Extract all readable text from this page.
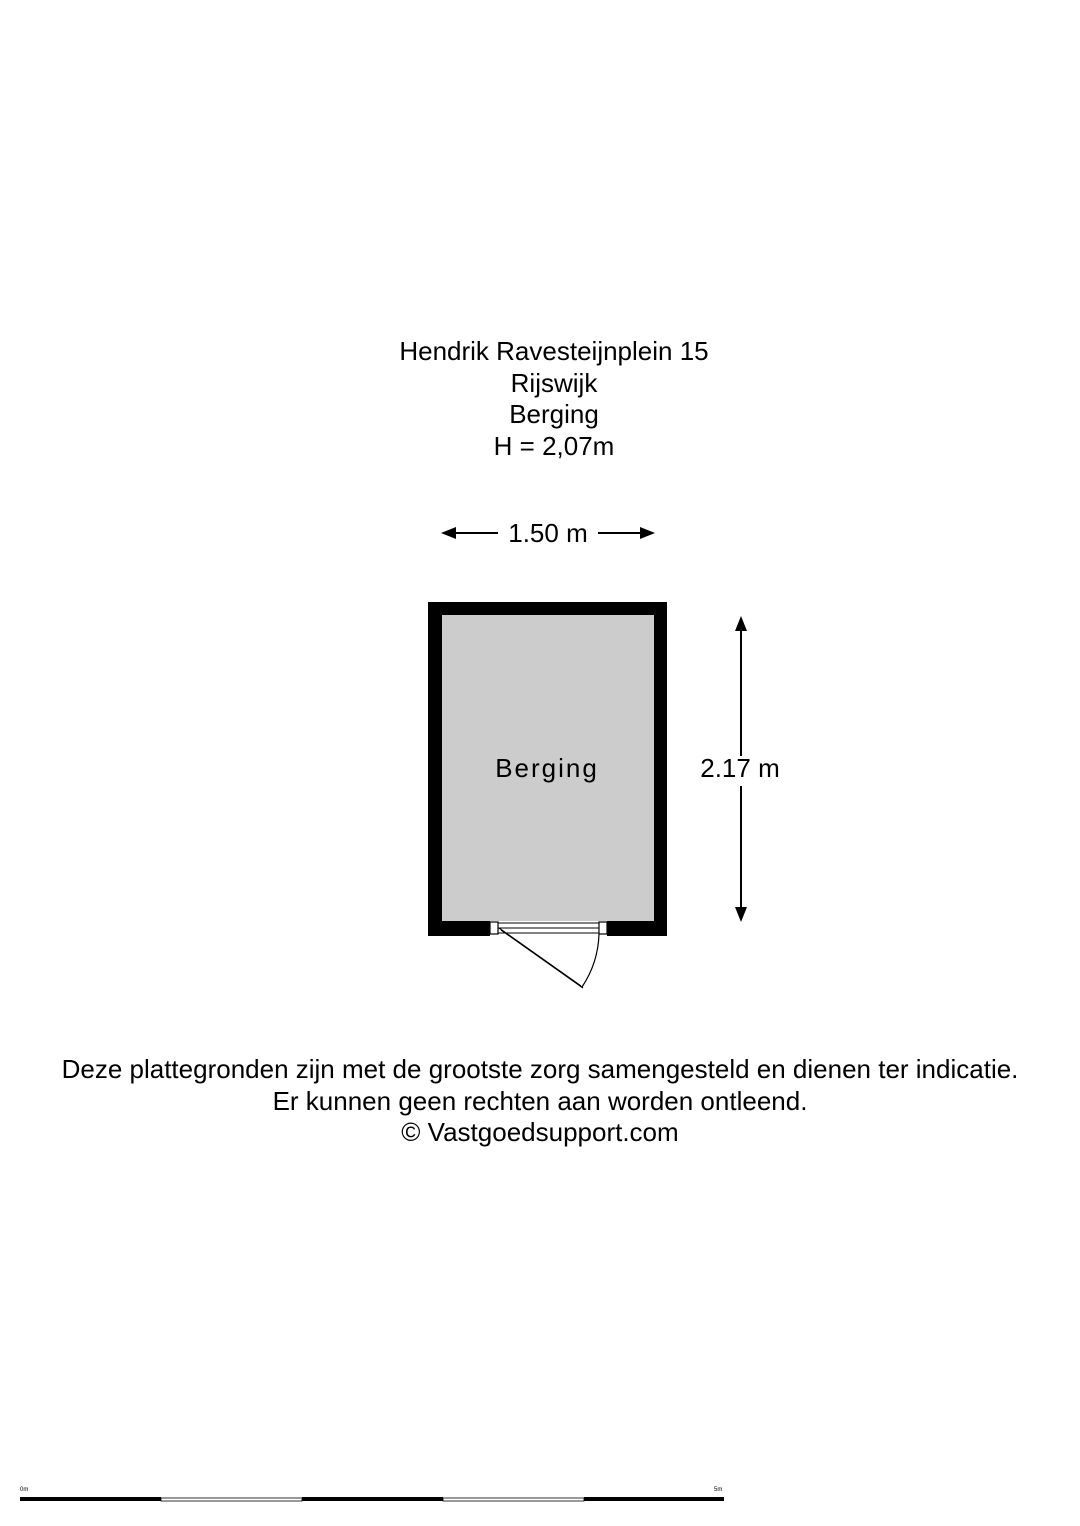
Hendrik Ravesteijnplein 15
Rijswijk
Berging
H = 2,07m
1.50 m
2.17 m
Berging
Deze plattegronden zijn met de grootste zorg samengesteld en dienen ter indicatie.
Er kunnen geen rechten aan worden ontleend.
© Vastgoedsupport.com
0m	5m
